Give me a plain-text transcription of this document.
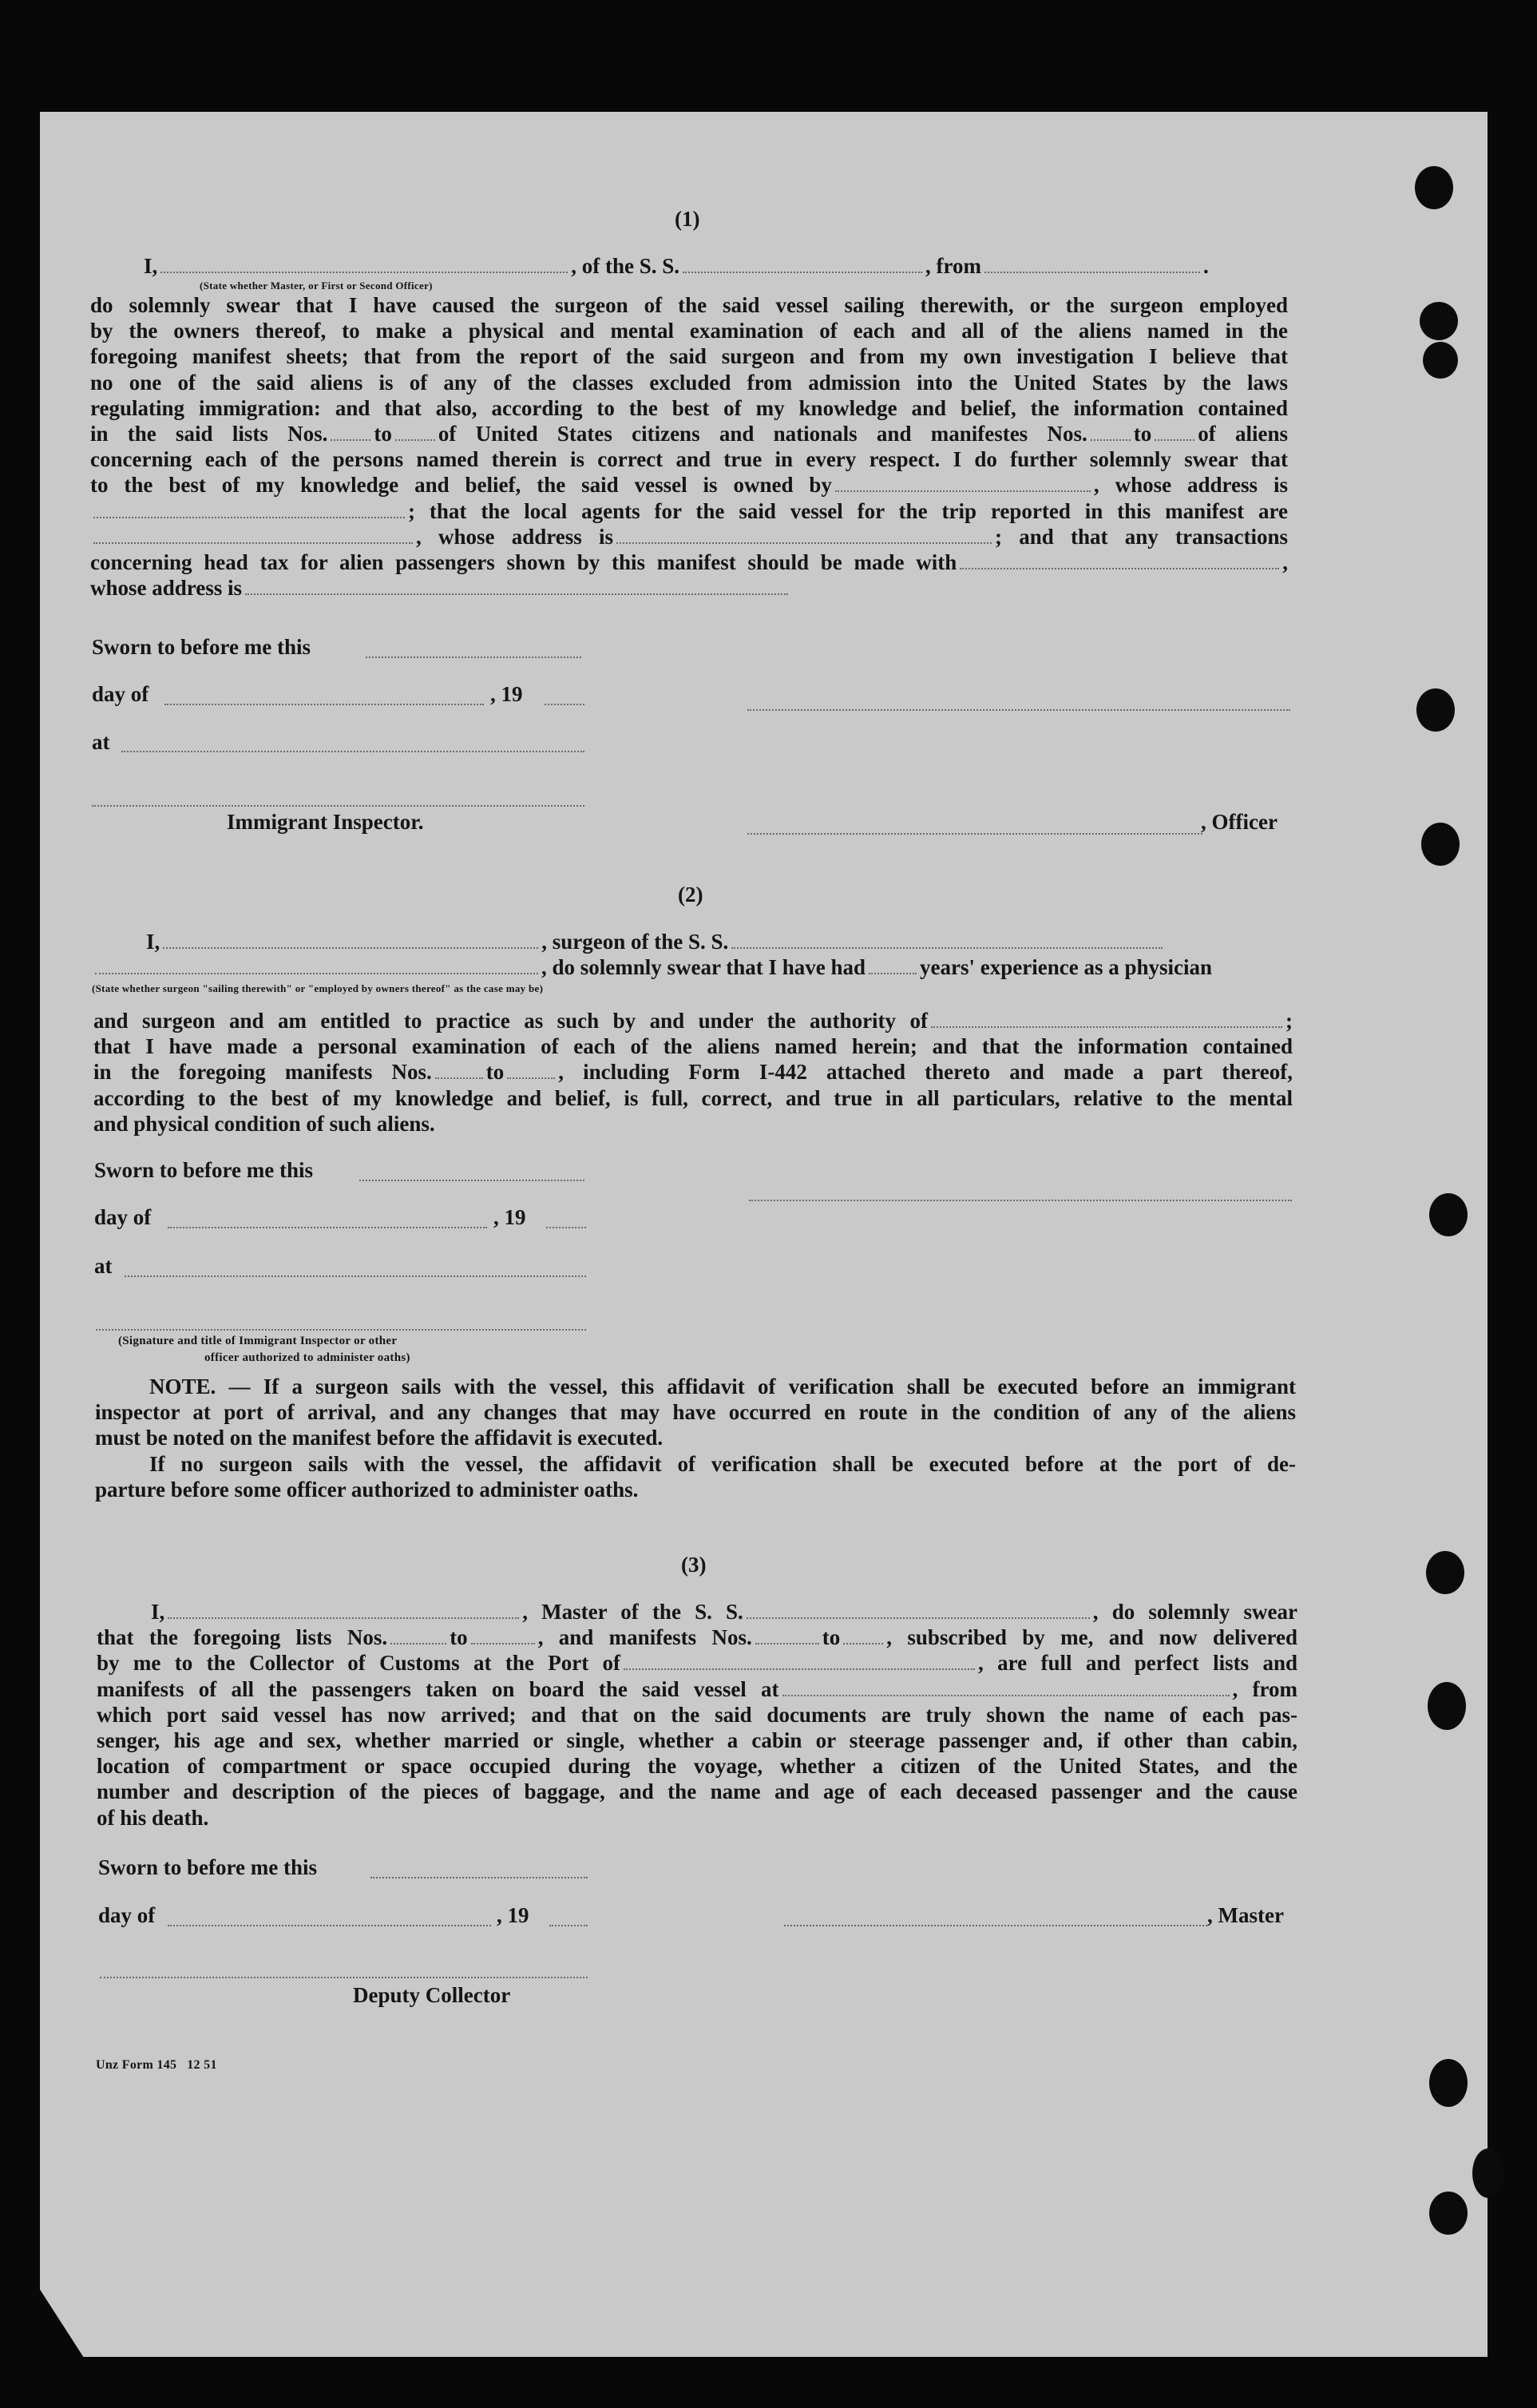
(1)
I,	, of the S. S.	, from	.
(State whether Master, or First or Second Officer)
do solemnly swear that I have caused the surgeon of the said vessel sailing therewith, or the surgeon employed
by the owners thereof, to make a physical and mental examination of each and all of the aliens named in the
foregoing manifest sheets; that from the report of the said surgeon and from my own investigation I believe that
no one of the said aliens is of any of the classes excluded from admission into the United States by the laws
regulating immigration: and that also, according to the best of my knowledge and belief, the information contained
in the said lists Nos. to of United States citizens and nationals and manifestes Nos. to of aliens
concerning each of the persons named therein is correct and true in every respect. I do further solemnly swear that
to the best of my knowledge and belief, the said vessel is owned by	, whose address is
; that the local agents for the said vessel for the trip reported in this manifest are
, whose address is	; and that any transactions
concerning head tax for alien passengers shown by this manifest should be made with	,
whose address is
Sworn to before me this
day of	, 19
at
Immigrant Inspector.	, Officer
(2)
I,	, surgeon of the S. S.
, do solemnly swear that I have had	years' experience as a physician
(State whether surgeon "sailing therewith" or "employed by owners thereof" as the case may be)
and surgeon and am entitled to practice as such by and under the authority of	;
that I have made a personal examination of each of the aliens named herein; and that the information contained
in the foregoing manifests Nos.	to	, including Form I-442 attached thereto and made a part thereof,
according to the best of my knowledge and belief, is full, correct, and true in all particulars, relative to the mental
and physical condition of such aliens.
Sworn to before me this
day of	, 19
at
(Signature and title of Immigrant Inspector or other
officer authorized to administer oaths)
NOTE. — If a surgeon sails with the vessel, this affidavit of verification shall be executed before an immigrant
inspector at port of arrival, and any changes that may have occurred en route in the condition of any of the aliens
must be noted on the manifest before the affidavit is executed.
If no surgeon sails with the vessel, the affidavit of verification shall be executed before at the port of de-
parture before some officer authorized to administer oaths.
(3)
I,	, Master of the S. S.	, do solemnly swear
that the foregoing lists Nos.	to	, and manifests Nos.	to , subscribed by me, and now delivered
by me to the Collector of Customs at the Port of	, are full and perfect lists and
manifests of all the passengers taken on board the said vessel at	, from
which port said vessel has now arrived; and that on the said documents are truly shown the name of each pas-
senger, his age and sex, whether married or single, whether a cabin or steerage passenger and, if other than cabin,
location of compartment or space occupied during the voyage, whether a citizen of the United States, and the
number and description of the pieces of baggage, and the name and age of each deceased passenger and the cause
of his death.
Sworn to before me this
day of	, 19	, Master
Deputy Collector
Unz Form 145   12 51
